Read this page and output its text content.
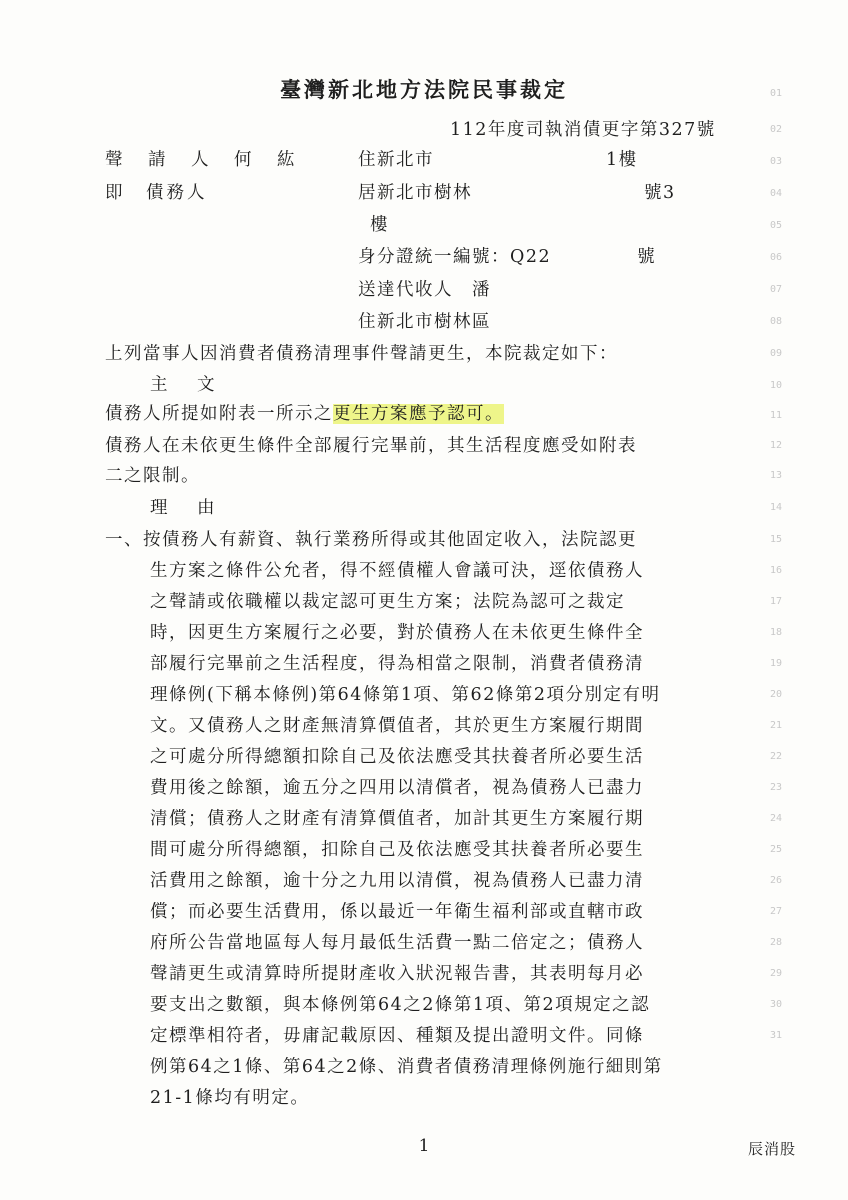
臺灣新北地方法院民事裁定
112年度司執消債更字第327號
聲　請　人　何　紘	住新北市　　　　　　　　	1樓
即　債務人	居新北市樹林　　　　　　　　	號3
樓
身分證統一編號：Q22　　　　	號
送達代收人　潘
住新北市樹林區
上列當事人因消費者債務清理事件聲請更生，本院裁定如下：
主　文
債務人所提如附表一所示之更生方案應予認可。
債務人在未依更生條件全部履行完畢前，其生活程度應受如附表
二之限制。
理　由
一、按債務人有薪資、執行業務所得或其他固定收入，法院認更
生方案之條件公允者，得不經債權人會議可決，逕依債務人
之聲請或依職權以裁定認可更生方案；法院為認可之裁定
時，因更生方案履行之必要，對於債務人在未依更生條件全
部履行完畢前之生活程度，得為相當之限制，消費者債務清
理條例(下稱本條例)第64條第1項、第62條第2項分別定有明
文。又債務人之財產無清算價值者，其於更生方案履行期間
之可處分所得總額扣除自己及依法應受其扶養者所必要生活
費用後之餘額，逾五分之四用以清償者，視為債務人已盡力
清償；債務人之財產有清算價值者，加計其更生方案履行期
間可處分所得總額，扣除自己及依法應受其扶養者所必要生
活費用之餘額，逾十分之九用以清償，視為債務人已盡力清
償；而必要生活費用，係以最近一年衛生福利部或直轄市政
府所公告當地區每人每月最低生活費一點二倍定之；債務人
聲請更生或清算時所提財產收入狀況報告書，其表明每月必
要支出之數額，與本條例第64之2條第1項、第2項規定之認
定標準相符者，毋庸記載原因、種類及提出證明文件。同條
例第64之1條、第64之2條、消費者債務清理條例施行細則第
21-1條均有明定。
01
02
03
04
05
06
07
08
09
10
11
12
13
14
15
16
17
18
19
20
21
22
23
24
25
26
27
28
29
30
31
1	辰消股
